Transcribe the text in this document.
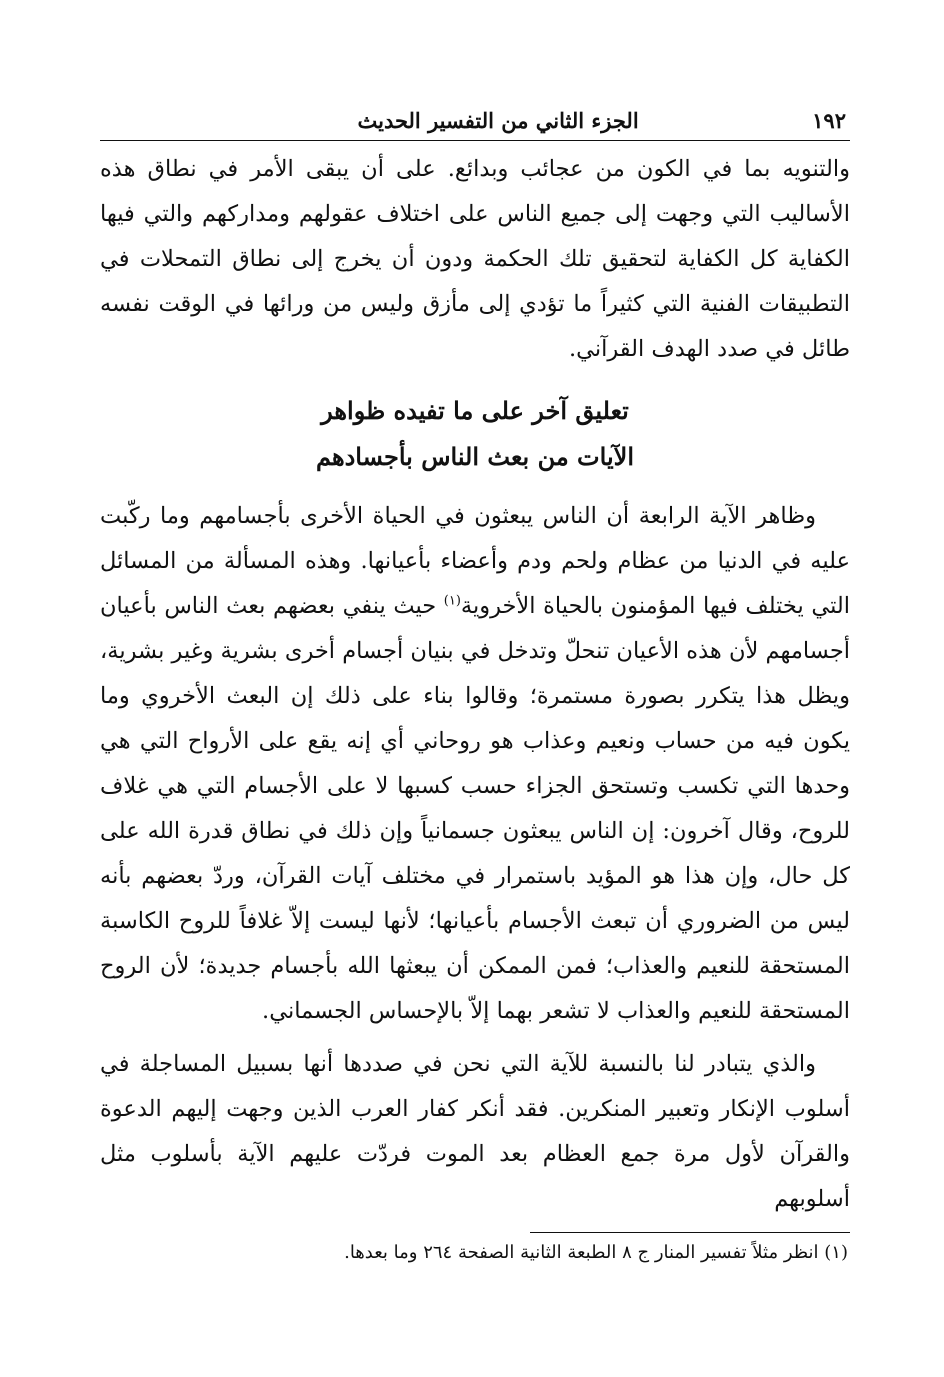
١٩٢
الجزء الثاني من التفسير الحديث

والتنويه بما في الكون من عجائب وبدائع. على أن يبقى الأمر في نطاق هذه الأساليب التي وجهت إلى جميع الناس على اختلاف عقولهم ومداركهم والتي فيها الكفاية كل الكفاية لتحقيق تلك الحكمة ودون أن يخرج إلى نطاق التمحلات في التطبيقات الفنية التي كثيراً ما تؤدي إلى مأزق وليس من ورائها في الوقت نفسه طائل في صدد الهدف القرآني.

تعليق آخر على ما تفيده ظواهر
الآيات من بعث الناس بأجسادهم

وظاهر الآية الرابعة أن الناس يبعثون في الحياة الأخرى بأجسامهم وما ركّبت عليه في الدنيا من عظام ولحم ودم وأعضاء بأعيانها. وهذه المسألة من المسائل التي يختلف فيها المؤمنون بالحياة الأخروية$^{(١)}$ حيث ينفي بعضهم بعث الناس بأعيان أجسامهم لأن هذه الأعيان تنحلّ وتدخل في بنيان أجسام أخرى بشرية وغير بشرية، ويظل هذا يتكرر بصورة مستمرة؛ وقالوا بناء على ذلك إن البعث الأخروي وما يكون فيه من حساب ونعيم وعذاب هو روحاني أي إنه يقع على الأرواح التي هي وحدها التي تكسب وتستحق الجزاء حسب كسبها لا على الأجسام التي هي غلاف للروح، وقال آخرون: إن الناس يبعثون جسمانياً وإن ذلك في نطاق قدرة الله على كل حال، وإن هذا هو المؤيد باستمرار في مختلف آيات القرآن، وردّ بعضهم بأنه ليس من الضروري أن تبعث الأجسام بأعيانها؛ لأنها ليست إلاّ غلافاً للروح الكاسبة المستحقة للنعيم والعذاب؛ فمن الممكن أن يبعثها الله بأجسام جديدة؛ لأن الروح المستحقة للنعيم والعذاب لا تشعر بهما إلاّ بالإحساس الجسماني.

والذي يتبادر لنا بالنسبة للآية التي نحن في صددها أنها بسبيل المساجلة في أسلوب الإنكار وتعبير المنكرين. فقد أنكر كفار العرب الذين وجهت إليهم الدعوة والقرآن لأول مرة جمع العظام بعد الموت فردّت عليهم الآية بأسلوب مثل أسلوبهم

(١) انظر مثلاً تفسير المنار ج ٨ الطبعة الثانية الصفحة ٢٦٤ وما بعدها.
